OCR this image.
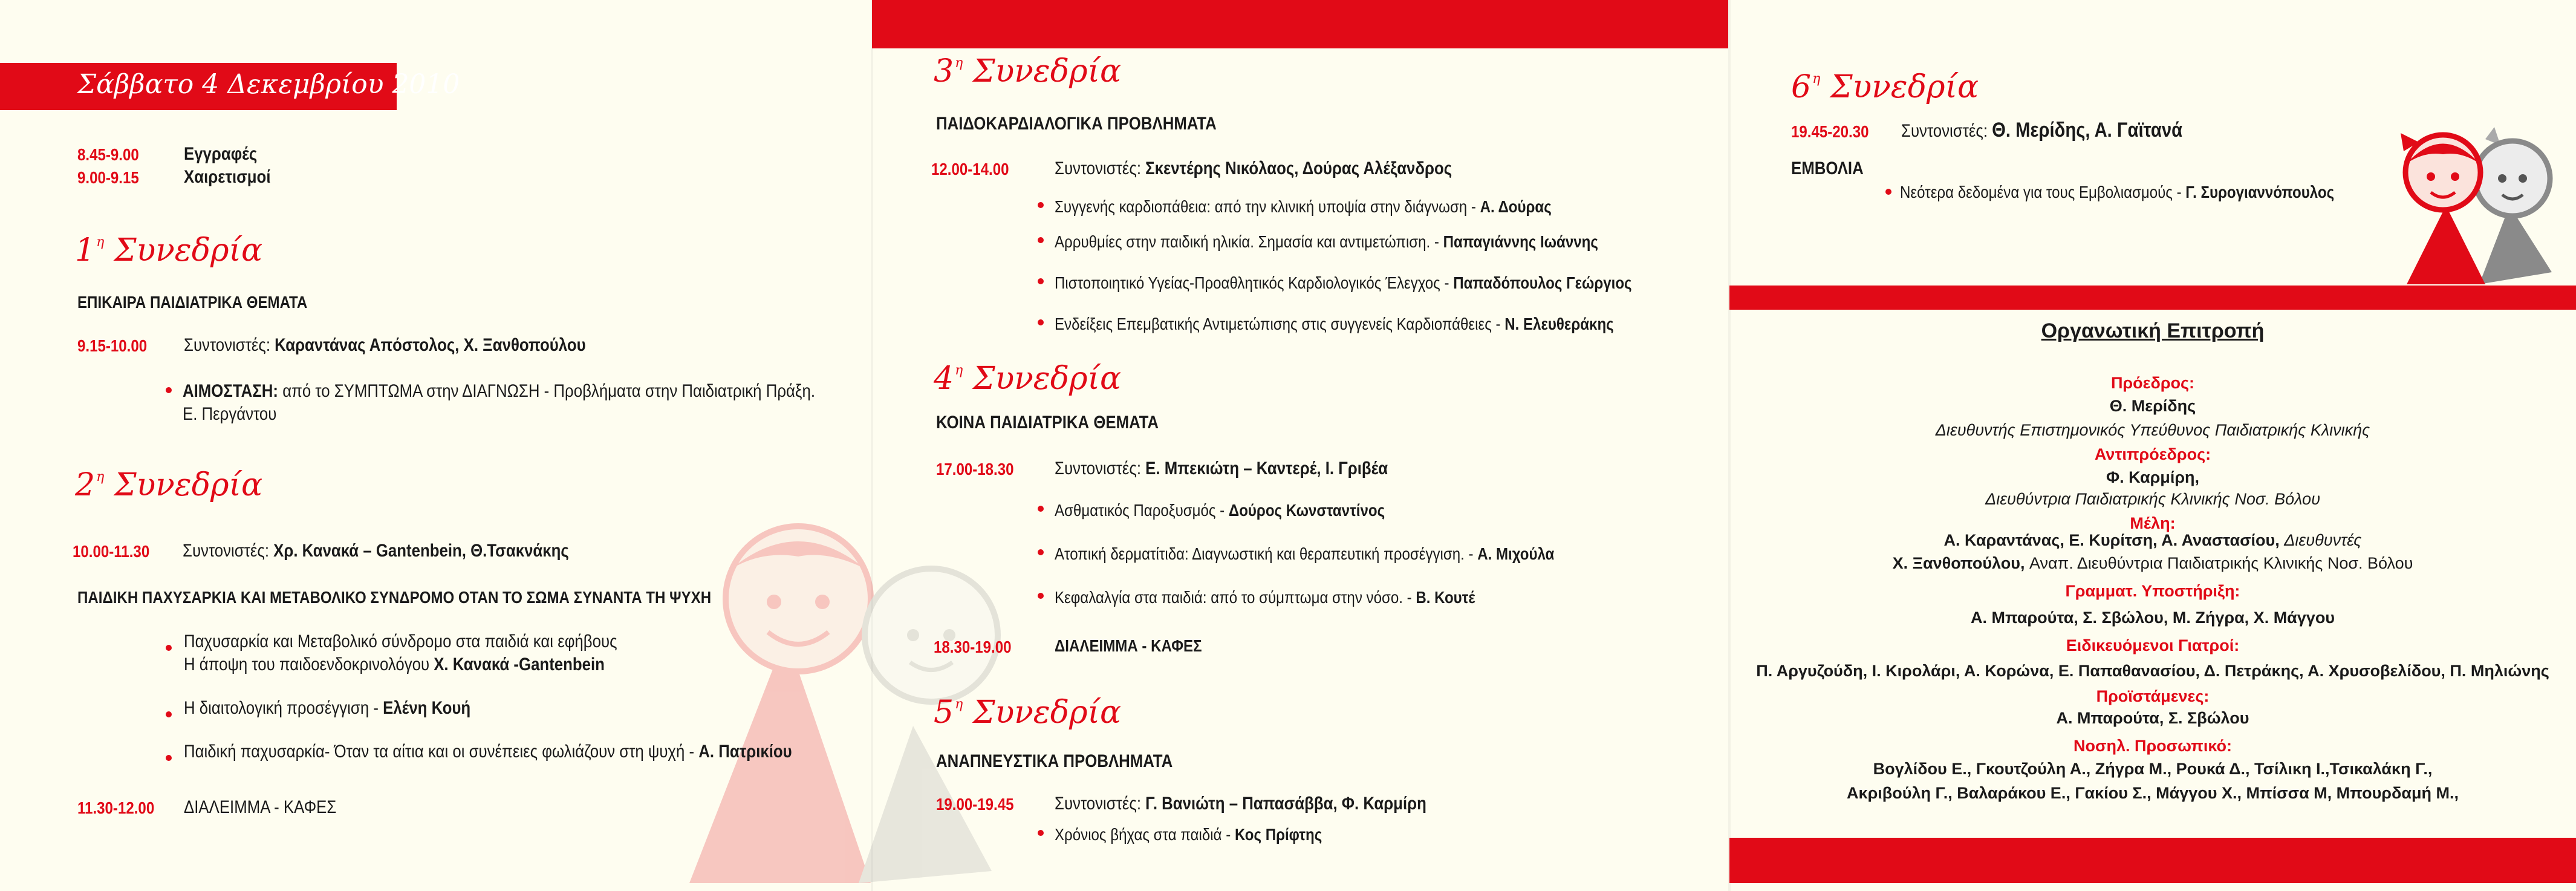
Σάββατο 4 Δεκεμβρίου 2010
8.45-9.00 Εγγραφές
9.00-9.15 Χαιρετισμοί
$1^\eta$ Συνεδρία
ΕΠΙΚΑΙΡΑ ΠΑΙΔΙΑΤΡΙΚΑ ΘΕΜΑΤΑ
9.15-10.00 Συντονιστές: Καραντάνας Απόστολος, Χ. Ξανθοπούλου
ΑΙΜΟΣΤΑΣΗ: από το ΣΥΜΠΤΩΜΑ στην ΔΙΑΓΝΩΣΗ - Προβλήματα στην Παιδιατρική Πράξη.
Ε. Περγάντου
$2^\eta$ Συνεδρία
10.00-11.30 Συντονιστές: Χρ. Κανακά – Gantenbein, Θ.Τσακνάκης
ΠΑΙΔΙΚΗ ΠΑΧΥΣΑΡΚΙΑ ΚΑΙ ΜΕΤΑΒΟΛΙΚΟ ΣΥΝΔΡΟΜΟ ΟΤΑΝ ΤΟ ΣΩΜΑ ΣΥΝΑΝΤΑ ΤΗ ΨΥΧΗ
Παχυσαρκία και Μεταβολικό σύνδρομο στα παιδιά και εφήβους
Η άποψη του παιδοενδοκρινολόγου Χ. Κανακά -Gantenbein
Η διαιτολογική προσέγγιση - Ελένη Κουή
Παιδική παχυσαρκία- Όταν τα αίτια και οι συνέπειες φωλιάζουν στη ψυχή - Α. Πατρικίου
11.30-12.00 ΔΙΑΛΕΙΜΜΑ - ΚΑΦΕΣ
$3^\eta$ Συνεδρία
ΠΑΙΔΟΚΑΡΔΙΑΛΟΓΙΚΑ ΠΡΟΒΛΗΜΑΤΑ
12.00-14.00	Συντονιστές: Σκεντέρης Νικόλαος, Δούρας Αλέξανδρος
Συγγενής καρδιοπάθεια: από την κλινική υποψία στην διάγνωση - Α. Δούρας
Αρρυθμίες στην παιδική ηλικία. Σημασία και αντιμετώπιση. - Παπαγιάννης Ιωάννης
Πιστοποιητικό Υγείας-Προαθλητικός Καρδιολογικός Έλεγχος - Παπαδόπουλος Γεώργιος
Ενδείξεις Επεμβατικής Αντιμετώπισης στις συγγενείς Καρδιοπάθειες - Ν. Ελευθεράκης
$4^\eta$ Συνεδρία
ΚΟΙΝΑ ΠΑΙΔΙΑΤΡΙΚΑ ΘΕΜΑΤΑ
17.00-18.30 Συντονιστές: Ε. Μπεκιώτη – Καντερέ, Ι. Γριβέα
Ασθματικός Παροξυσμός - Δούρος Κωνσταντίνος
Ατοπική δερματίτιδα: Διαγνωστική και θεραπευτική προσέγγιση. - Α. Μιχούλα
Κεφαλαλγία στα παιδιά: από το σύμπτωμα στην νόσο. - Β. Κουτέ
18.30-19.00	ΔΙΑΛΕΙΜΜΑ - ΚΑΦΕΣ
$5^\eta$ Συνεδρία
ΑΝΑΠΝΕΥΣΤΙΚΑ ΠΡΟΒΛΗΜΑΤΑ
19.00-19.45 Συντονιστές: Γ. Βανιώτη – Παπασάββα, Φ. Καρμίρη
Χρόνιος βήχας στα παιδιά - Κος Πρίφτης
$6^\eta$ Συνεδρία
19.45-20.30 Συντονιστές: Θ. Μερίδης, Α. Γαϊτανά
ΕΜΒΟΛΙΑ
Νεότερα δεδομένα για τους Εμβολιασμούς - Γ. Συρογιαννόπουλος
Οργανωτική Επιτροπή
Πρόεδρος:
Θ. Μερίδης
Διευθυντής Επιστημονικός Υπεύθυνος Παιδιατρικής Κλινικής
Αντιπρόεδρος:
Φ. Καρμίρη,
Διευθύντρια Παιδιατρικής Κλινικής Νοσ. Βόλου
Μέλη:
Α. Καραντάνας, Ε. Κυρίτση, Α. Αναστασίου, Διευθυντές
Χ. Ξανθοπούλου, Αναπ. Διευθύντρια Παιδιατρικής Κλινικής Νοσ. Βόλου
Γραμματ. Υποστήριξη:
Α. Μπαρούτα, Σ. Σβώλου, Μ. Ζήγρα, Χ. Μάγγου
Ειδικευόμενοι Γιατροί:
Π. Αργυζούδη, Ι. Κιρολάρι, Α. Κορώνα, Ε. Παπαθανασίου, Δ. Πετράκης, Α. Χρυσοβελίδου, Π. Μηλιώνης
Προϊστάμενες:
Α. Μπαρούτα, Σ. Σβώλου
Νοσηλ. Προσωπικό:
Βογλίδου Ε., Γκουτζούλη Α., Ζήγρα Μ., Ρουκά Δ., Τσίλικη Ι.,Τσικαλάκη Γ.,
Ακριβούλη Γ., Βαλαράκου Ε., Γακίου Σ., Μάγγου Χ., Μπίσσα Μ, Μπουρδαμή Μ.,
